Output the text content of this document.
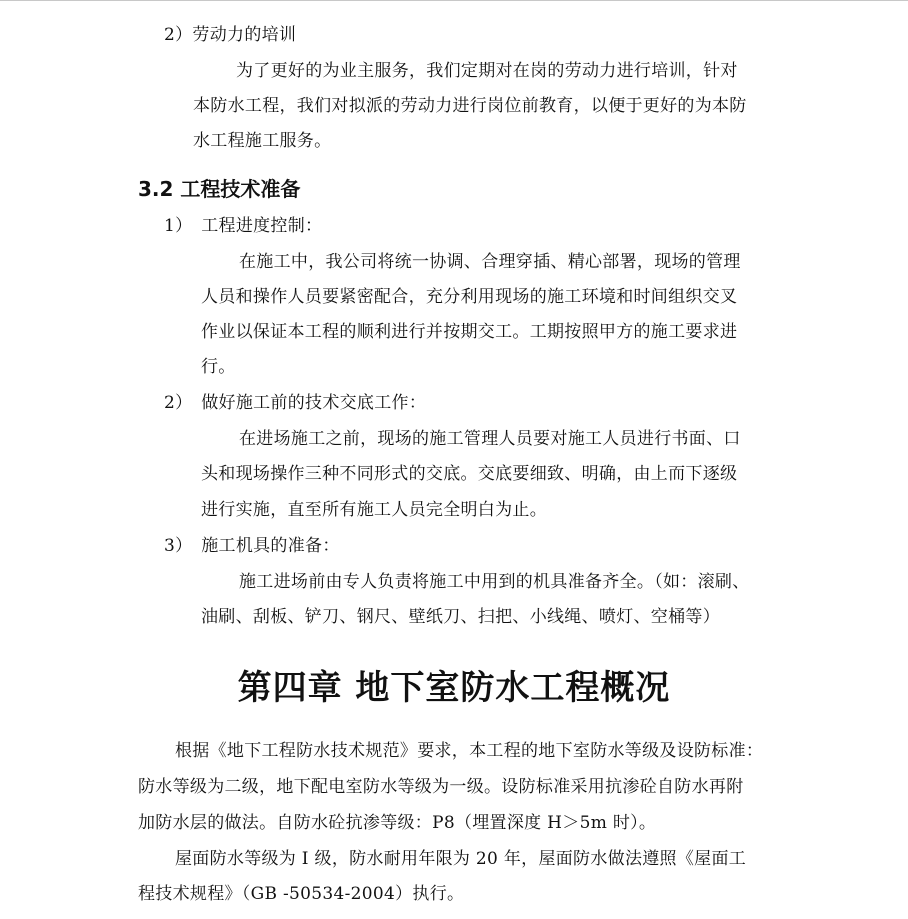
2）劳动力的培训
为了更好的为业主服务，我们定期对在岗的劳动力进行培训，针对
本防水工程，我们对拟派的劳动力进行岗位前教育，以便于更好的为本防
水工程施工服务。
3.2 工程技术准备
1）　工程进度控制：
在施工中，我公司将统一协调、合理穿插、精心部署，现场的管理
人员和操作人员要紧密配合，充分利用现场的施工环境和时间组织交叉
作业以保证本工程的顺利进行并按期交工。工期按照甲方的施工要求进
行。
2）　做好施工前的技术交底工作：
在进场施工之前，现场的施工管理人员要对施工人员进行书面、口
头和现场操作三种不同形式的交底。交底要细致、明确，由上而下逐级
进行实施，直至所有施工人员完全明白为止。
3）　施工机具的准备：
施工进场前由专人负责将施工中用到的机具准备齐全。（如：滚刷、
油刷、刮板、铲刀、钢尺、壁纸刀、扫把、小线绳、喷灯、空桶等）
第四章 地下室防水工程概况
根据《地下工程防水技术规范》要求，本工程的地下室防水等级及设防标准：
防水等级为二级，地下配电室防水等级为一级。设防标准采用抗渗砼自防水再附
加防水层的做法。自防水砼抗渗等级：P8（埋置深度 H＞5m 时）。
屋面防水等级为 I 级，防水耐用年限为 20 年，屋面防水做法遵照《屋面工
程技术规程》（GB -50534-2004）执行。
